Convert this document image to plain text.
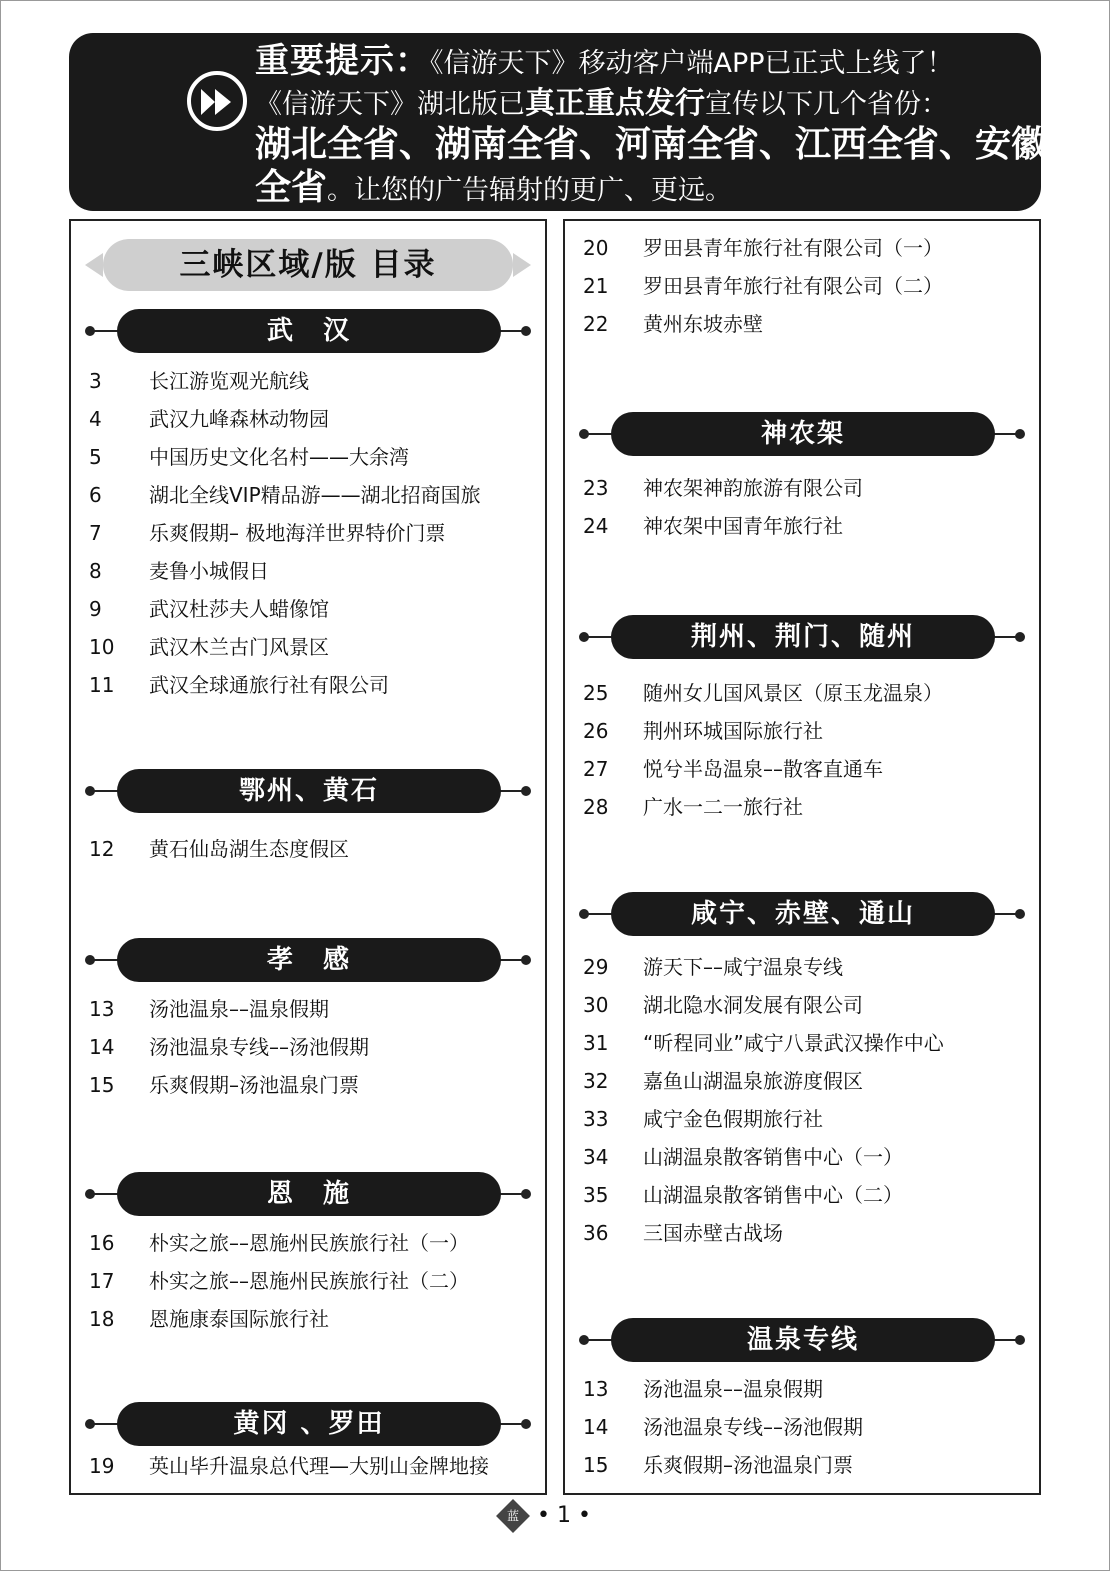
重要提示：《信游天下》移动客户端APP已正式上线了！

《信游天下》湖北版已真正重点发行宣传以下几个省份：

湖北全省、湖南全省、河南全省、江西全省、安徽

全省。让您的广告辐射的更广、更远。

三峡区域/版 目录
武　汉
3	长江游览观光航线
4	武汉九峰森林动物园
5	中国历史文化名村——大余湾
6	湖北全线VIP精品游——湖北招商国旅
7	乐爽假期– 极地海洋世界特价门票
8	麦鲁小城假日
9	武汉杜莎夫人蜡像馆
10	武汉木兰古门风景区
11	武汉全球通旅行社有限公司
鄂州、黄石
12	黄石仙岛湖生态度假区
孝　感
13	汤池温泉––温泉假期
14	汤池温泉专线––汤池假期
15	乐爽假期–汤池温泉门票
恩　施
16	朴实之旅––恩施州民族旅行社（一）
17	朴实之旅––恩施州民族旅行社（二）
18	恩施康泰国际旅行社
黄冈 、罗田
19	英山毕升温泉总代理—大别山金牌地接
20	罗田县青年旅行社有限公司（一）
21	罗田县青年旅行社有限公司（二）
22	黄州东坡赤壁
神农架
23	神农架神韵旅游有限公司
24	神农架中国青年旅行社
荆州、荆门、随州
25	随州女儿国风景区（原玉龙温泉）
26	荆州环城国际旅行社
27	悦兮半岛温泉––散客直通车
28	广水一二一旅行社
咸宁、赤壁、通山
29	游天下––咸宁温泉专线
30	湖北隐水洞发展有限公司
31	“昕程同业”咸宁八景武汉操作中心
32	嘉鱼山湖温泉旅游度假区
33	咸宁金色假期旅行社
34	山湖温泉散客销售中心（一）
35	山湖温泉散客销售中心（二）
36	三国赤壁古战场
温泉专线
13	汤池温泉––温泉假期
14	汤池温泉专线––汤池假期
15	乐爽假期–汤池温泉门票
蓝 • 1 •
